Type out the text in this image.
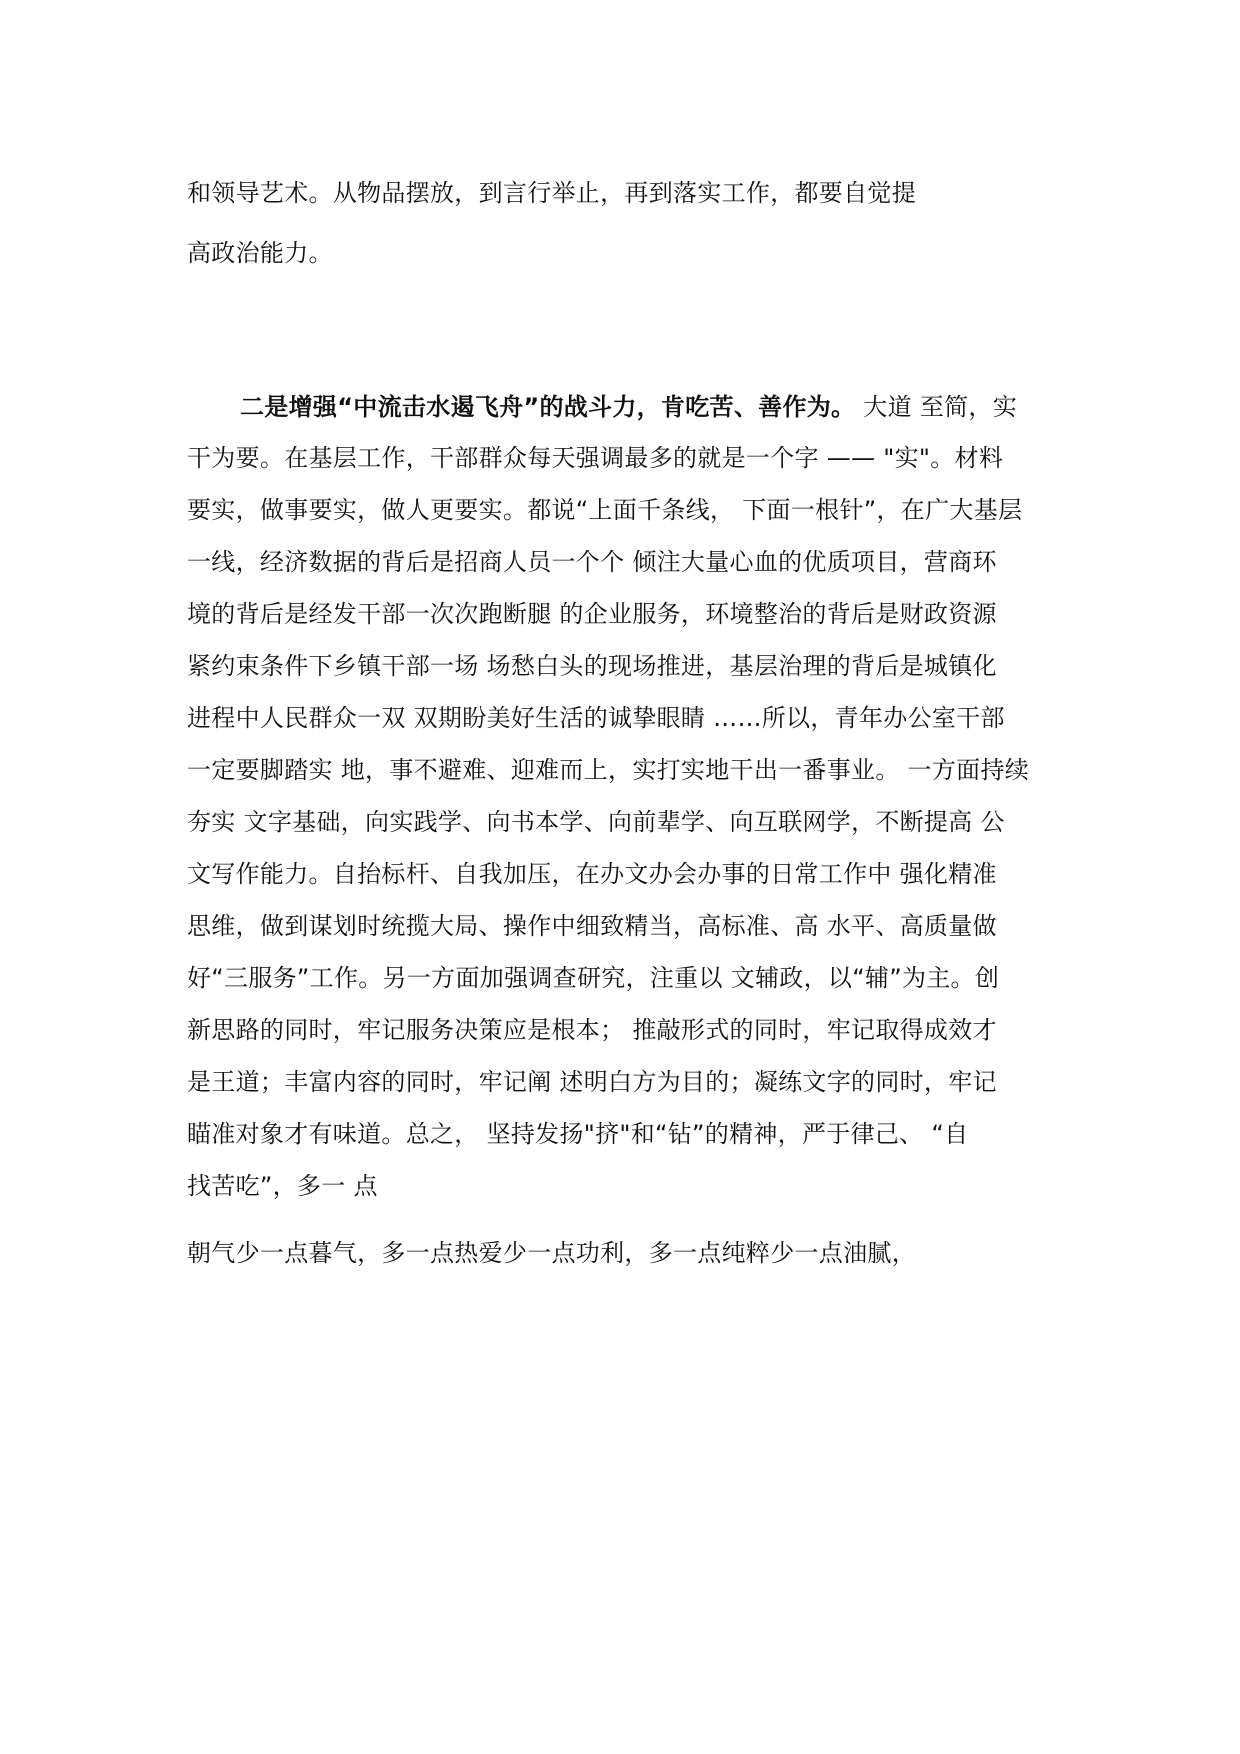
和领导艺术。从物品摆放，到言行举止，再到落实工作，都要自觉提
高政治能力。
二是增强“中流击水遏飞舟”的战斗力，肯吃苦、善作为。 大道 至简，实
干为要。在基层工作，干部群众每天强调最多的就是一个字 —— "实"。材料
要实，做事要实，做人更要实。都说“上面千条线， 下面一根针”，在广大基层
一线，经济数据的背后是招商人员一个个 倾注大量心血的优质项目，营商环
境的背后是经发干部一次次跑断腿 的企业服务，环境整治的背后是财政资源
紧约束条件下乡镇干部一场 场愁白头的现场推进，基层治理的背后是城镇化
进程中人民群众一双 双期盼美好生活的诚挚眼睛 ……所以，青年办公室干部
一定要脚踏实 地，事不避难、迎难而上，实打实地干出一番事业。 一方面持续
夯实 文字基础，向实践学、向书本学、向前辈学、向互联网学，不断提高 公
文写作能力。自抬标杆、自我加压，在办文办会办事的日常工作中 强化精准
思维，做到谋划时统揽大局、操作中细致精当，高标准、高 水平、高质量做
好“三服务”工作。另一方面加强调查研究，注重以 文辅政，以“辅”为主。创
新思路的同时，牢记服务决策应是根本； 推敲形式的同时，牢记取得成效才
是王道；丰富内容的同时，牢记阐 述明白方为目的；凝练文字的同时，牢记
瞄准对象才有味道。总之， 坚持发扬"挤"和“钻”的精神，严于律己、 “自
找苦吃”，多一 点
朝气少一点暮气，多一点热爱少一点功利，多一点纯粹少一点油腻，
